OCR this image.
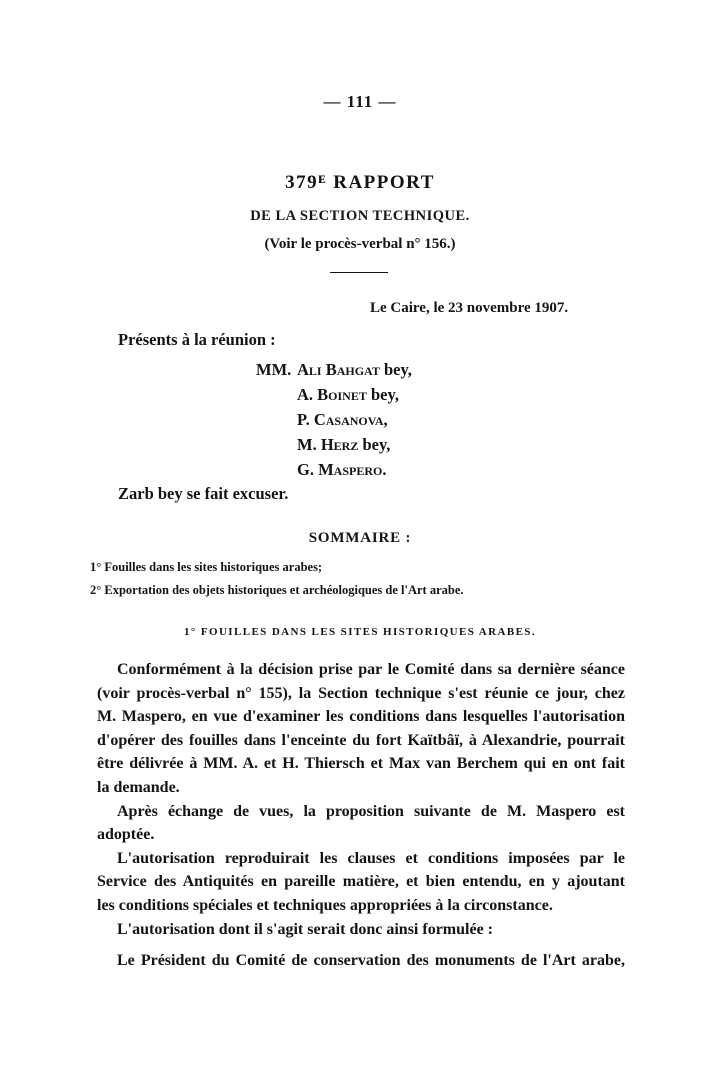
— 111 —
379ᴱ RAPPORT
DE LA SECTION TECHNIQUE.
(Voir le procès-verbal n° 156.)
Le Caire, le 23 novembre 1907.
Présents à la réunion :
MM. Ali Bahgat bey,
A. Boinet bey,
P. Casanova,
M. Herz bey,
G. Maspero.
Zarb bey se fait excuser.
SOMMAIRE :
1° Fouilles dans les sites historiques arabes;
2° Exportation des objets historiques et archéologiques de l'Art arabe.
1° FOUILLES DANS LES SITES HISTORIQUES ARABES.

Conformément à la décision prise par le Comité dans sa dernière séance

(voir procès-verbal n° 155), la Section technique s'est réunie ce jour, chez

M. Maspero, en vue d'examiner les conditions dans lesquelles l'autorisation

d'opérer des fouilles dans l'enceinte du fort Kaïtbâï, à Alexandrie, pourrait

être délivrée à MM. A. et H. Thiersch et Max van Berchem qui en ont fait

la demande.

Après échange de vues, la proposition suivante de M. Maspero est adoptée.

L'autorisation reproduirait les clauses et conditions imposées par le

Service des Antiquités en pareille matière, et bien entendu, en y ajoutant

les conditions spéciales et techniques appropriées à la circonstance.

L'autorisation dont il s'agit serait donc ainsi formulée :

Le Président du Comité de conservation des monuments de l'Art arabe,
